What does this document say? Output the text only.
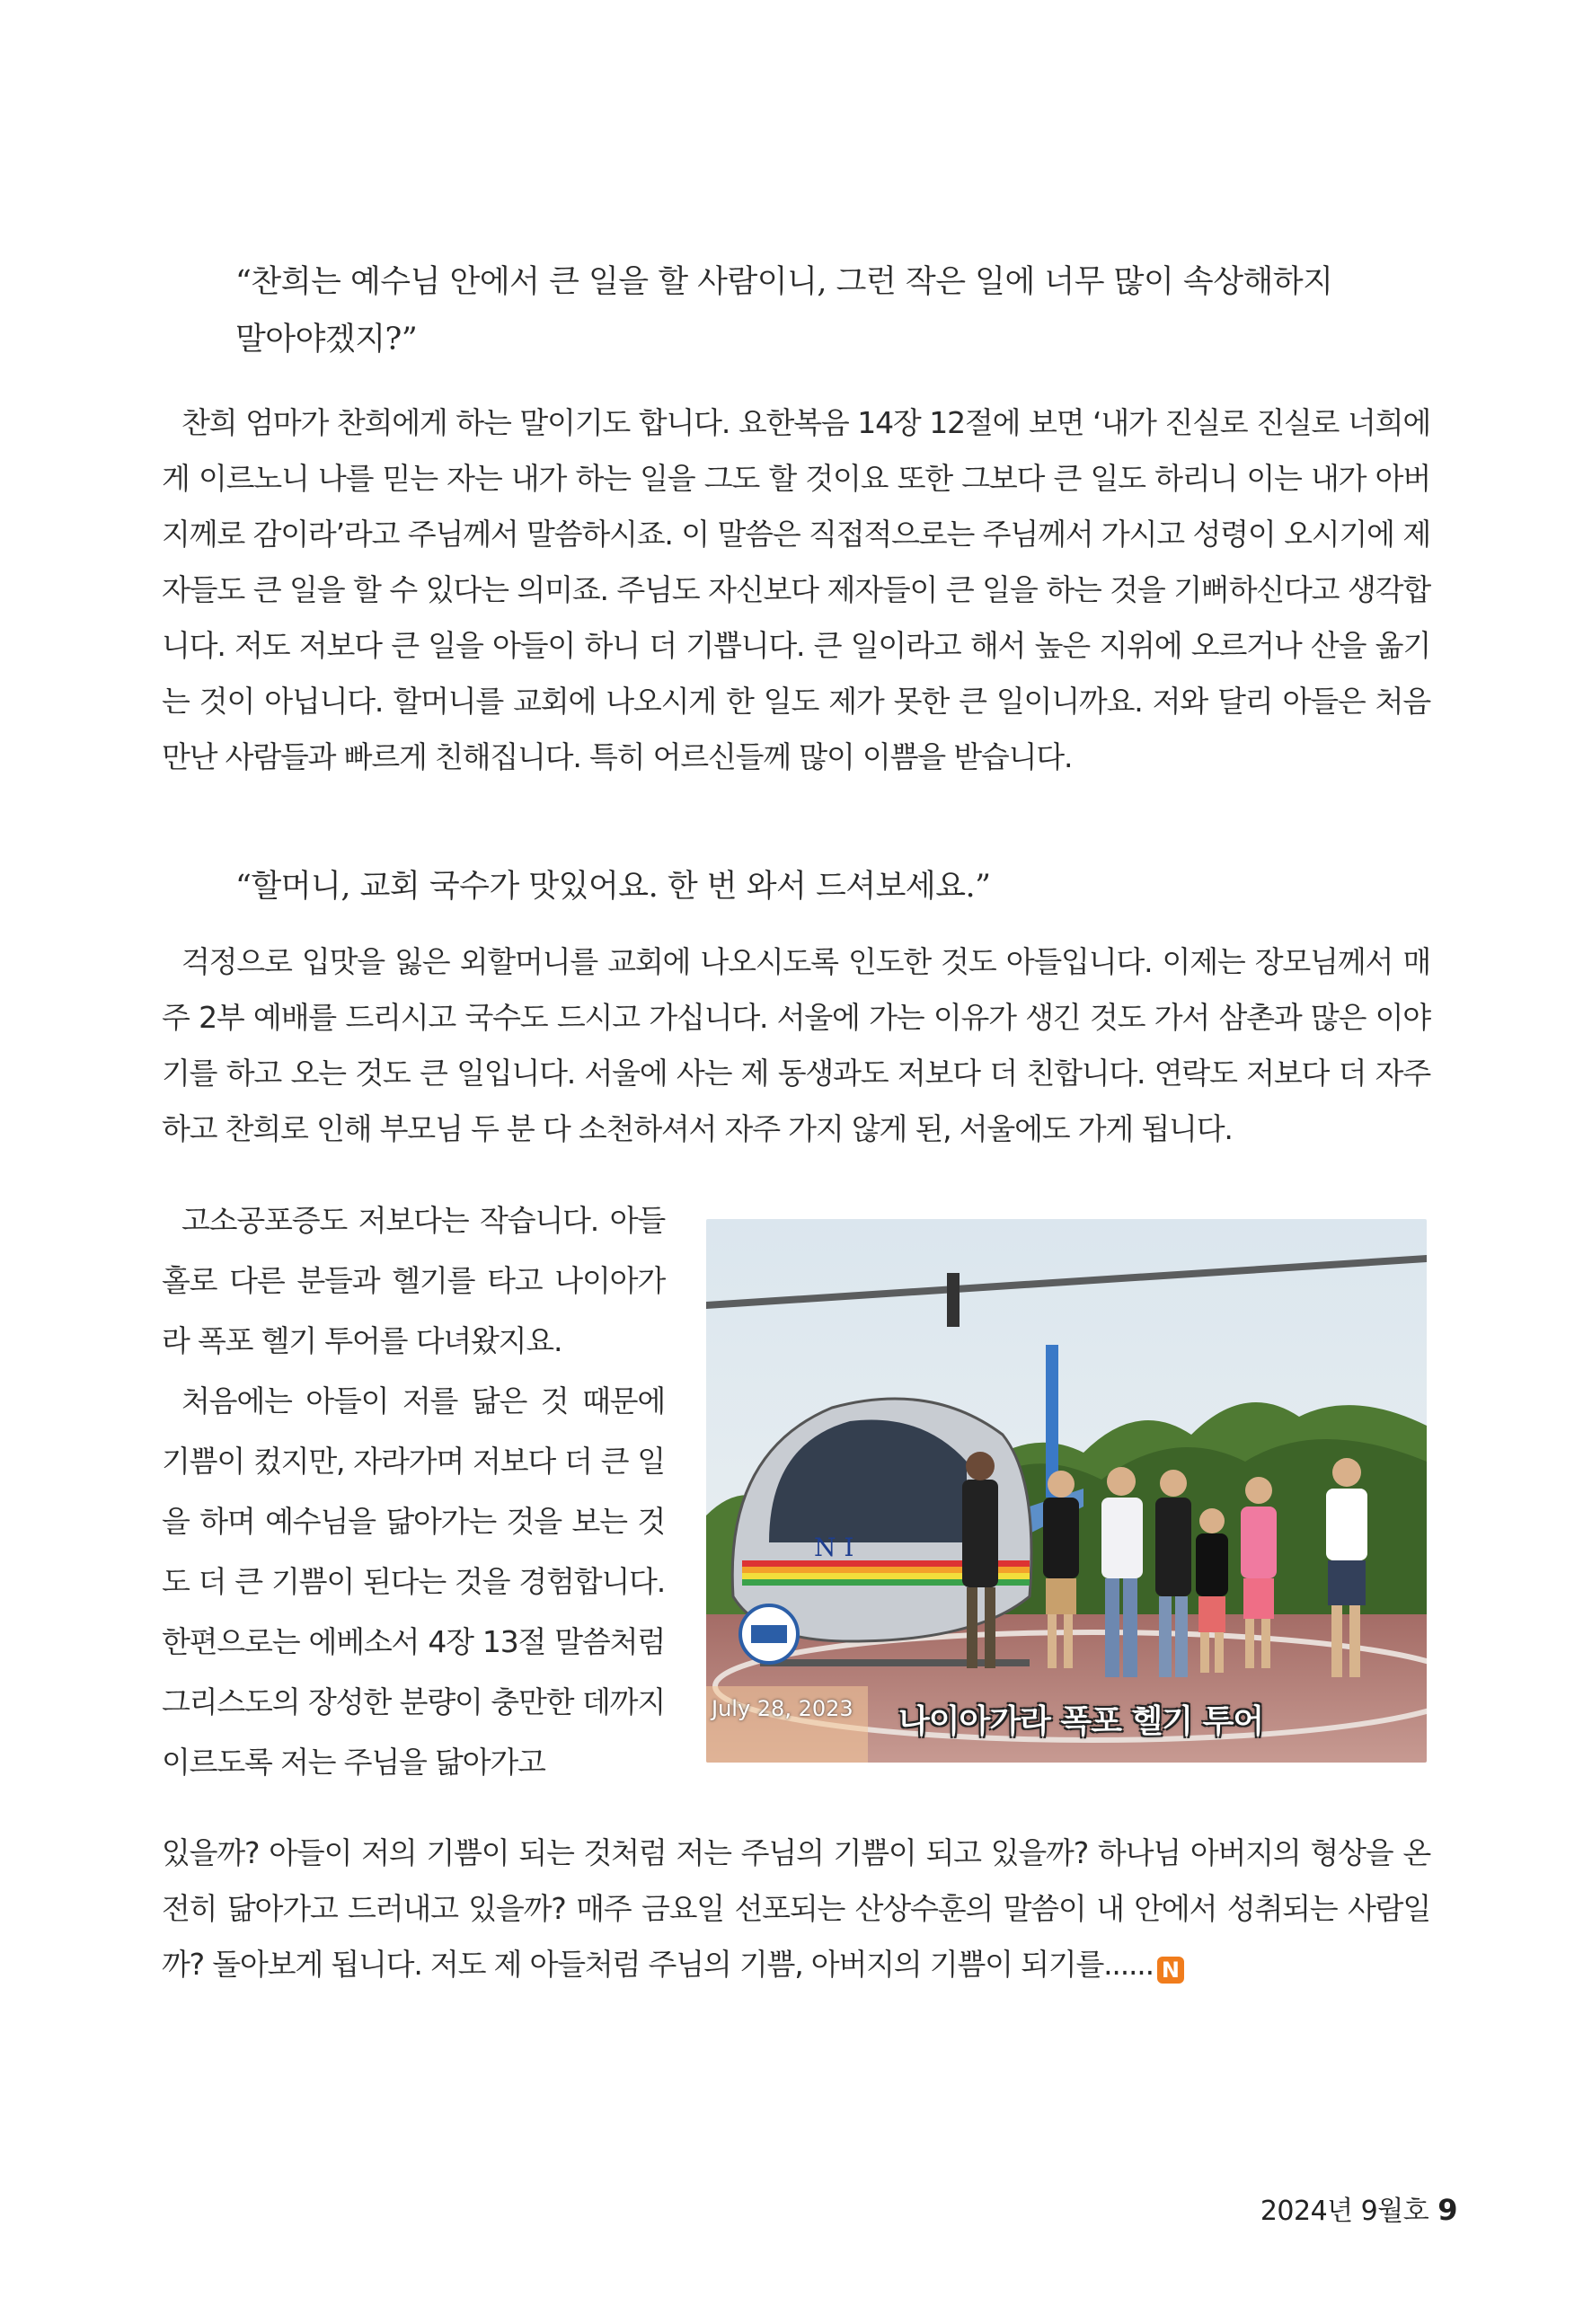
“찬희는 예수님 안에서 큰 일을 할 사람이니, 그런 작은 일에 너무 많이 속상해하지

말아야겠지?”

찬희 엄마가 찬희에게 하는 말이기도 합니다. 요한복음 14장 12절에 보면 ‘내가 진실로 진실로 너희에게 이르노니 나를 믿는 자는 내가 하는 일을 그도 할 것이요 또한 그보다 큰 일도 하리니 이는 내가 아버지께로 감이라’라고 주님께서 말씀하시죠. 이 말씀은 직접적으로는 주님께서 가시고 성령이 오시기에 제자들도 큰 일을 할 수 있다는 의미죠. 주님도 자신보다 제자들이 큰 일을 하는 것을 기뻐하신다고 생각합니다. 저도 저보다 큰 일을 아들이 하니 더 기쁩니다. 큰 일이라고 해서 높은 지위에 오르거나 산을 옮기는 것이 아닙니다. 할머니를 교회에 나오시게 한 일도 제가 못한 큰 일이니까요. 저와 달리 아들은 처음 만난 사람들과 빠르게 친해집니다. 특히 어르신들께 많이 이쁨을 받습니다.

“할머니, 교회 국수가 맛있어요. 한 번 와서 드셔보세요.”

걱정으로 입맛을 잃은 외할머니를 교회에 나오시도록 인도한 것도 아들입니다. 이제는 장모님께서 매주 2부 예배를 드리시고 국수도 드시고 가십니다. 서울에 가는 이유가 생긴 것도 가서 삼촌과 많은 이야기를 하고 오는 것도 큰 일입니다. 서울에 사는 제 동생과도 저보다 더 친합니다. 연락도 저보다 더 자주하고 찬희로 인해 부모님 두 분 다 소천하셔서 자주 가지 않게 된, 서울에도 가게 됩니다.

고소공포증도 저보다는 작습니다. 아들 홀로 다른 분들과 헬기를 타고 나이아가라 폭포 헬기 투어를 다녀왔지요.

처음에는 아들이 저를 닮은 것 때문에 기쁨이 컸지만, 자라가며 저보다 더 큰 일을 하며 예수님을 닮아가는 것을 보는 것도 더 큰 기쁨이 된다는 것을 경험합니다. 한편으로는 에베소서 4장 13절 말씀처럼 그리스도의 장성한 분량이 충만한 데까지 이르도록 저는 주님을 닮아가고

N I
July 28, 2023 나이아가라 폭포 헬기 투어

있을까? 아들이 저의 기쁨이 되는 것처럼 저는 주님의 기쁨이 되고 있을까? 하나님 아버지의 형상을 온전히 닮아가고 드러내고 있을까? 매주 금요일 선포되는 산상수훈의 말씀이 내 안에서 성취되는 사람일까? 돌아보게 됩니다. 저도 제 아들처럼 주님의 기쁨, 아버지의 기쁨이 되기를...... N

2024년 9월호 9
